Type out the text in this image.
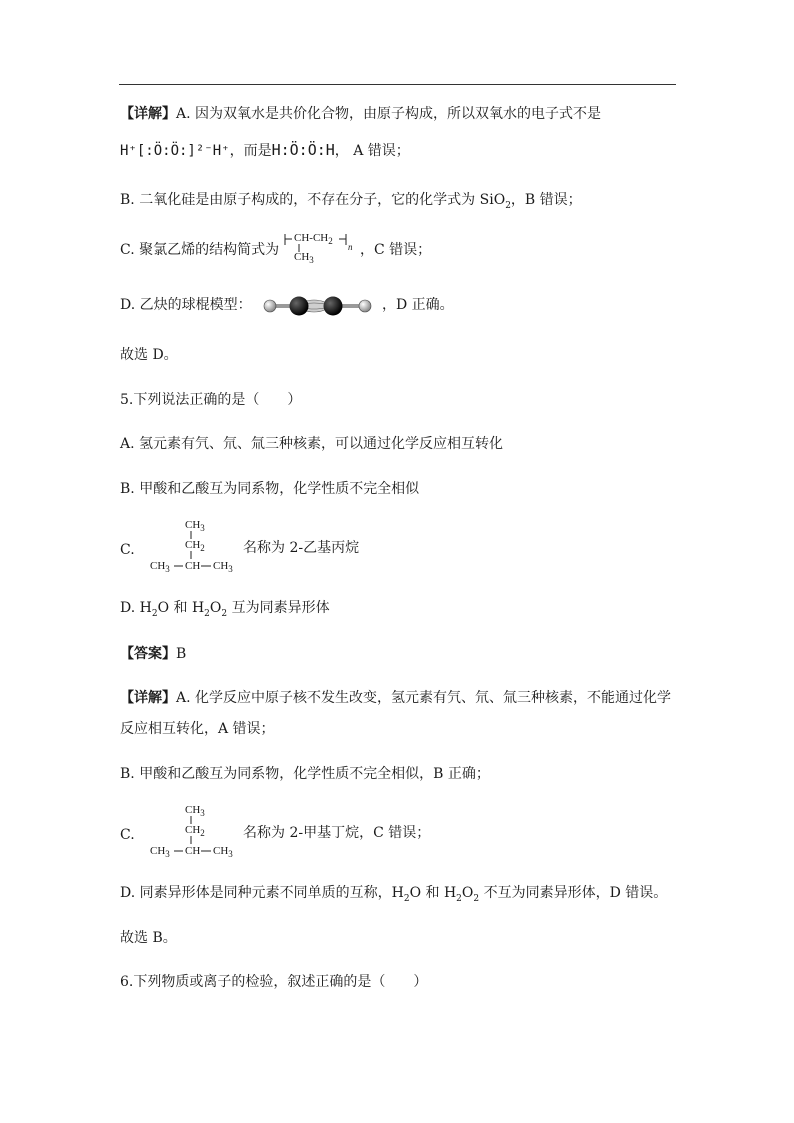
【详解】A. 因为双氧水是共价化合物，由原子构成，所以双氧水的电子式不是
H⁺[:Ö:Ö:]²⁻H⁺，而是H:Ö:Ö:H， A 错误；
B. 二氧化硅是由原子构成的，不存在分子，它的化学式为 SiO$_2$，B 错误；
C. 聚氯乙烯的结构简式为
$CH-CH_2$
n
$CH_3$
，C 错误；
D. 乙炔的球棍模型：	，D 正确。
故选 D。
5.下列说法正确的是（　　）
A. 氢元素有氕、氘、氚三种核素，可以通过化学反应相互转化
B. 甲酸和乙酸互为同系物，化学性质不完全相似
C.
$CH_3$
$CH_2$
$CH_3$ CH $CH_3$
名称为 2-乙基丙烷
D. $H_2O$ 和 $H_2O_2$ 互为同素异形体
【答案】B
【详解】A. 化学反应中原子核不发生改变，氢元素有氕、氘、氚三种核素，不能通过化学
反应相互转化，A 错误；
B. 甲酸和乙酸互为同系物，化学性质不完全相似，B 正确；
C.
$CH_3$
$CH_2$
$CH_3$ CH $CH_3$
名称为 2-甲基丁烷，C 错误；
D. 同素异形体是同种元素不同单质的互称，$H_2O$ 和 $H_2O_2$ 不互为同素异形体，D 错误。
故选 B。
6.下列物质或离子的检验，叙述正确的是（　　）
